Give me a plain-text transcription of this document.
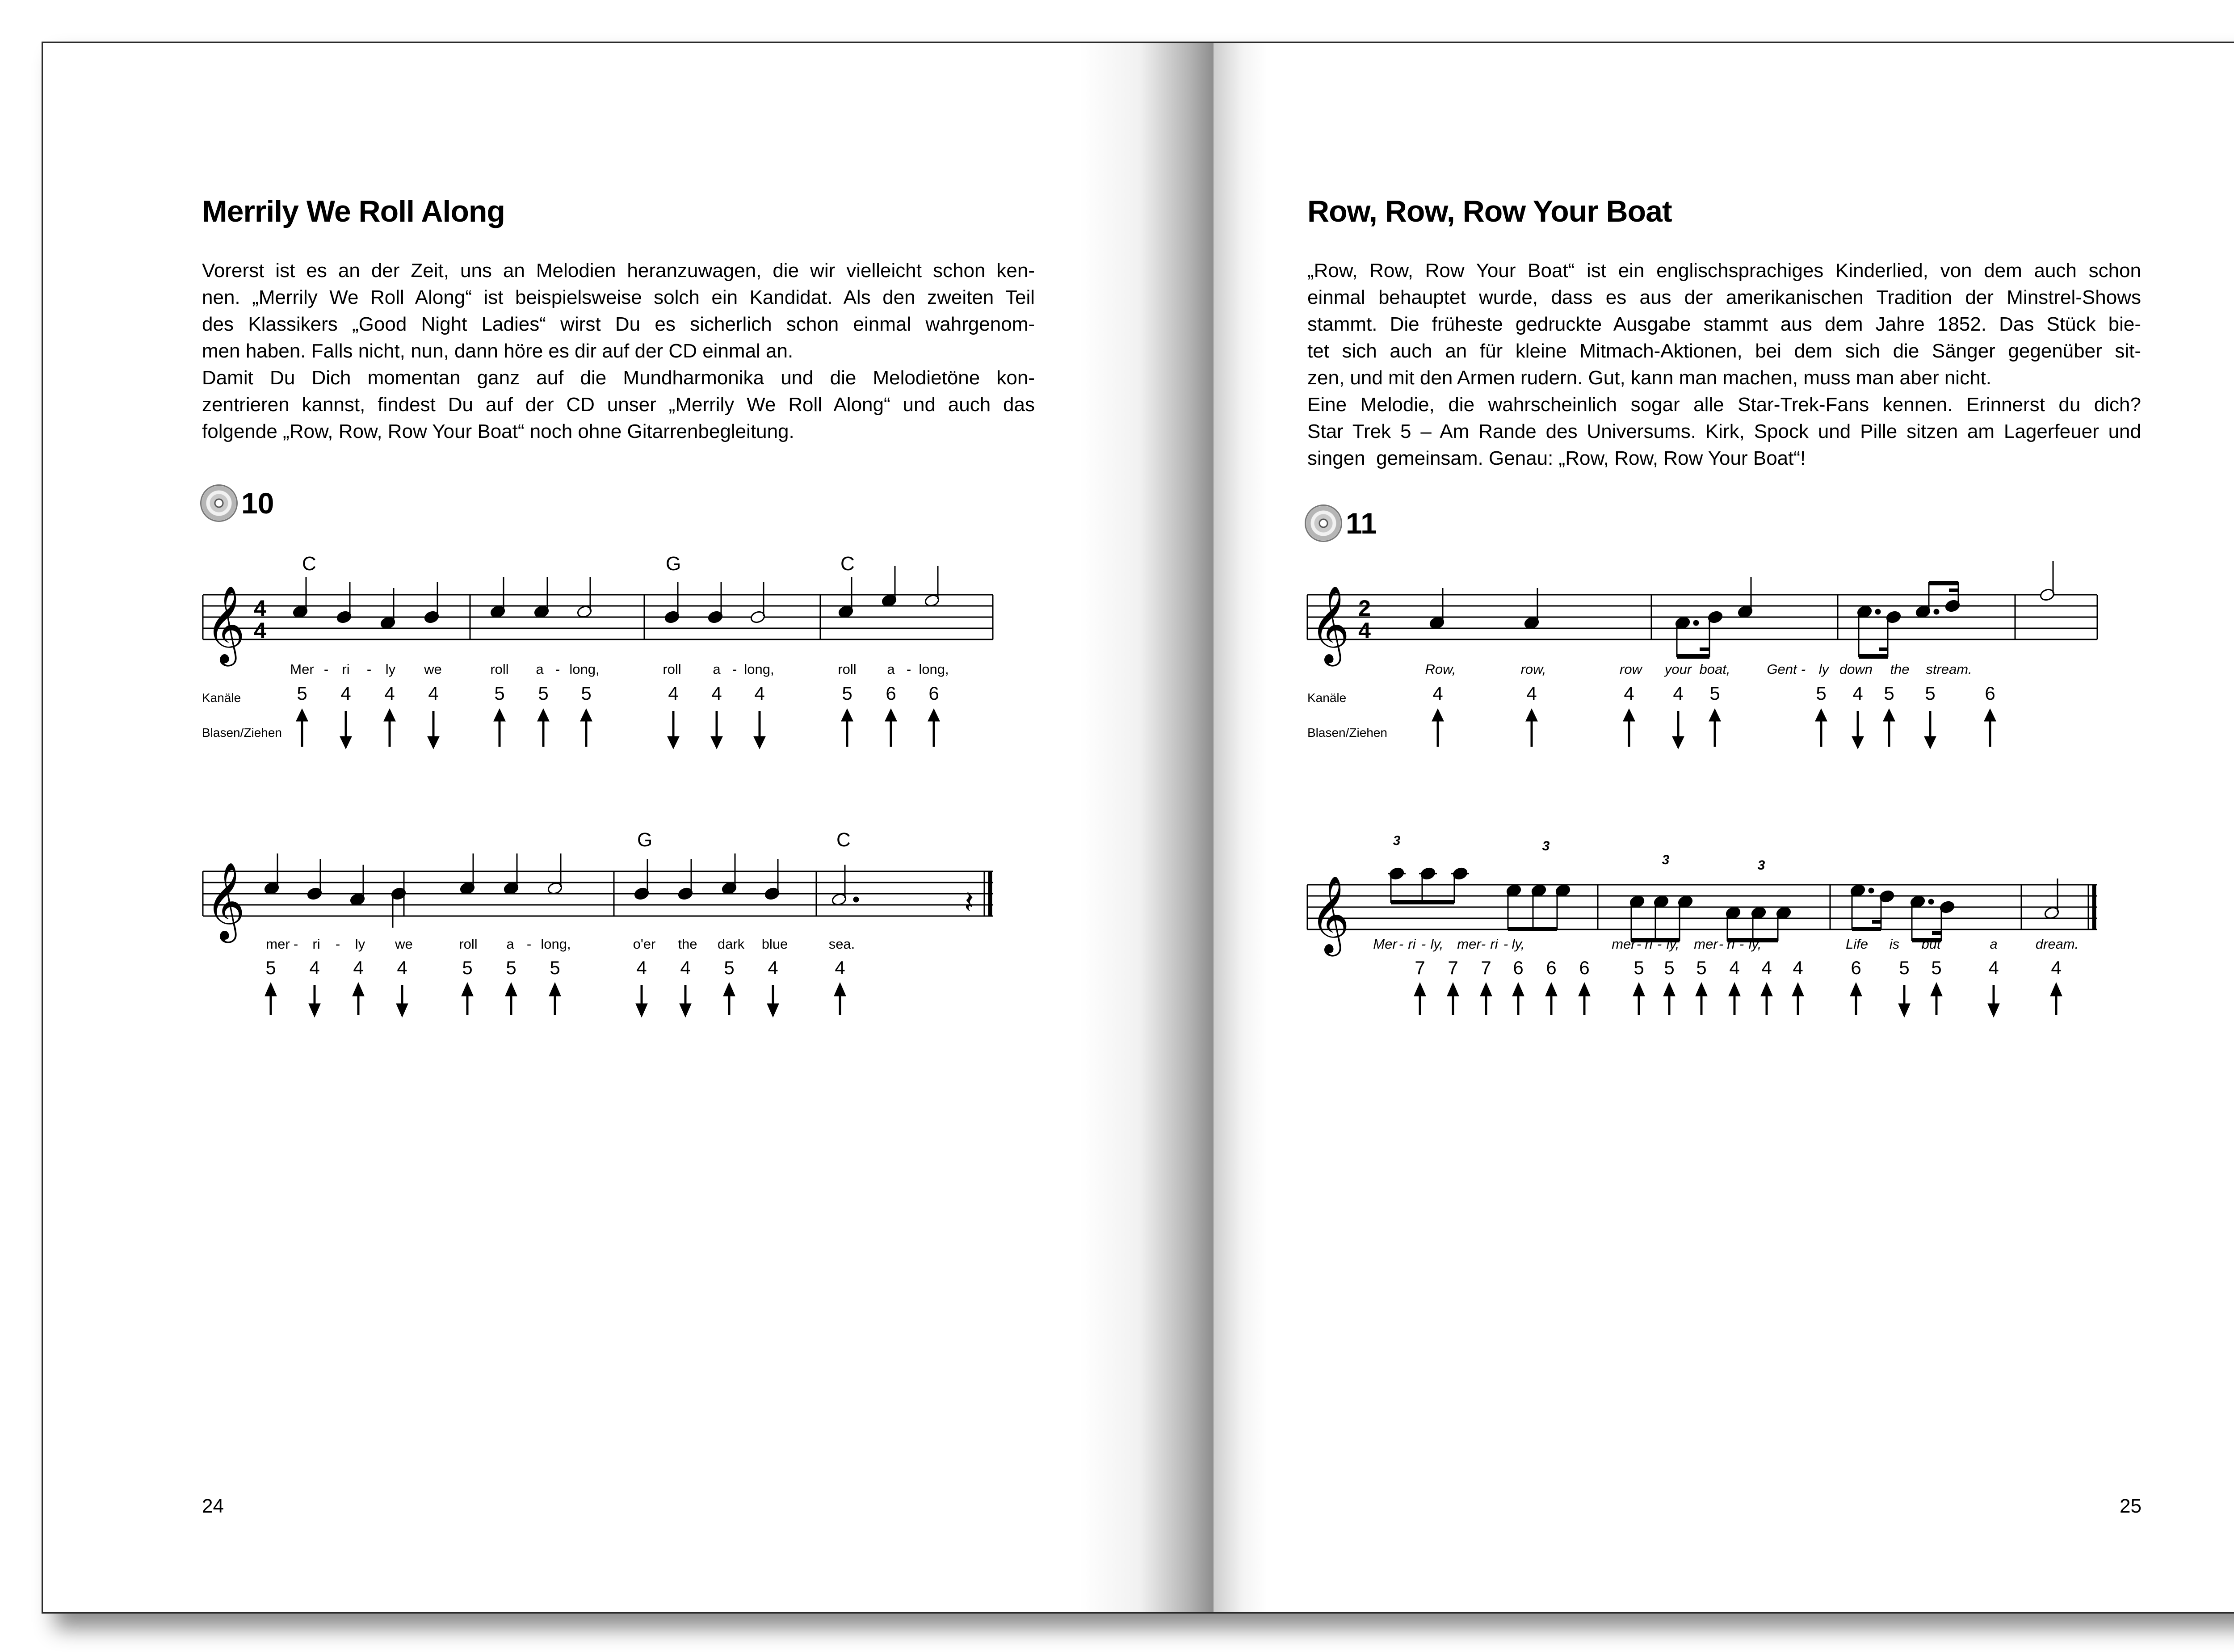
Merrily We Roll Along
Vorerst ist es an der Zeit, uns an Melodien heranzuwagen, die wir vielleicht schon ken-
nen. „Merrily We Roll Along“ ist beispielsweise solch ein Kandidat. Als den zweiten Teil
des Klassikers „Good Night Ladies“ wirst Du es sicherlich schon einmal wahrgenom-
men haben. Falls nicht, nun, dann höre es dir auf der CD einmal an.
Damit Du Dich momentan ganz auf die Mundharmonika und die Melodietöne kon-
zentrieren kannst, findest Du auf der CD unser „Merrily We Roll Along“ und auch das
folgende „Row, Row, Row Your Boat“ noch ohne Gitarrenbegleitung.
10
𝄞 4
4
C	G	C
Mer - ri - ly we	roll a - long,	roll a - long,	roll a - long,
Kanäle	5 4 4 4	5 5 5	4 4 4	5 6 6
Blasen/Ziehen
𝄞
G	C
𝄽
mer - ri - ly we	roll a - long,	o'er the dark blue	sea.
5 4 4 4	5 5 5	4 4 5 4	4
24
Row, Row, Row Your Boat
„Row, Row, Row Your Boat“ ist ein englischsprachiges Kinderlied, von dem auch schon
einmal behauptet wurde, dass es aus der amerikanischen Tradition der Minstrel-Shows
stammt. Die früheste gedruckte Ausgabe stammt aus dem Jahre 1852. Das Stück bie-
tet sich auch an für kleine Mitmach-Aktionen, bei dem sich die Sänger gegenüber sit-
zen, und mit den Armen rudern. Gut, kann man machen, muss man aber nicht.
Eine Melodie, die wahrscheinlich sogar alle Star-Trek-Fans kennen. Erinnerst du dich?
Star Trek 5 – Am Rande des Universums. Kirk, Spock und Pille sitzen am Lagerfeuer und
singen  gemeinsam. Genau: „Row, Row, Row Your Boat“!
11
𝄞 2
4
Row,	row,	row your boat,	Gent - ly down the stream.
Kanäle	4	4	4 4 5	5 4 5 5	6
Blasen/Ziehen
𝄞
3	3
3	3
Mer - ri - ly, mer - ri - ly,	mer - ri - ly, mer - ri - ly,	Life is but	a	dream.
7 7 7 6 6 6 5 5 5 4 4 4	6 5 5 4	4
25
